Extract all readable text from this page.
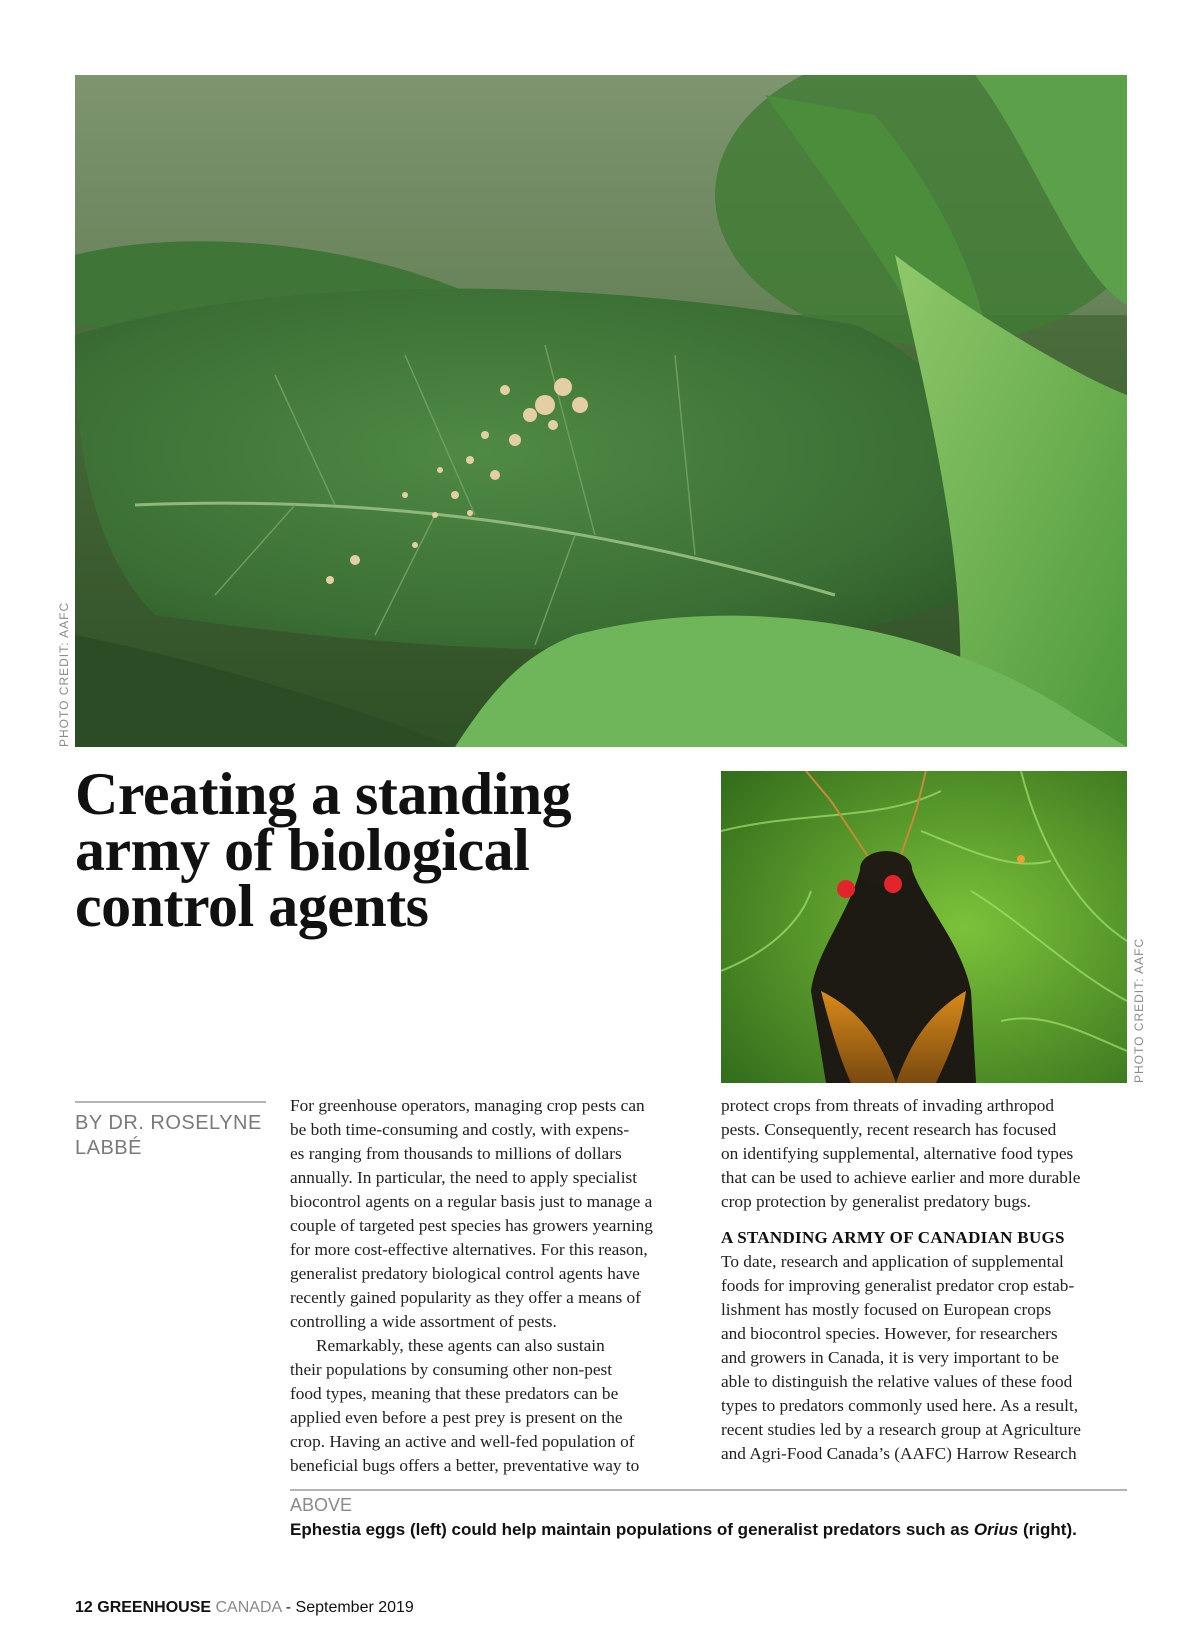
PHOTO CREDIT: AAFC
Creating a standing
army of biological
control agents
PHOTO CREDIT: AAFC
BY DR. ROSELYNE
LABBÉ

For greenhouse operators, managing crop pests can
be both time-consuming and costly, with expens-
es ranging from thousands to millions of dollars
annually. In particular, the need to apply specialist
biocontrol agents on a regular basis just to manage a
couple of targeted pest species has growers yearning
for more cost-effective alternatives. For this reason,
generalist predatory biological control agents have
recently gained popularity as they offer a means of
controlling a wide assortment of pests.

Remarkably, these agents can also sustain
their populations by consuming other non-pest
food types, meaning that these predators can be
applied even before a pest prey is present on the
crop. Having an active and well-fed population of
beneficial bugs offers a better, preventative way to

protect crops from threats of invading arthropod
pests. Consequently, recent research has focused
on identifying supplemental, alternative food types
that can be used to achieve earlier and more durable
crop protection by generalist predatory bugs.

A STANDING ARMY OF CANADIAN BUGS

To date, research and application of supplemental
foods for improving generalist predator crop estab-
lishment has mostly focused on European crops
and biocontrol species. However, for researchers
and growers in Canada, it is very important to be
able to distinguish the relative values of these food
types to predators commonly used here. As a result,
recent studies led by a research group at Agriculture
and Agri-Food Canada’s (AAFC) Harrow Research

ABOVE
Ephestia eggs (left) could help maintain populations of generalist predators such as Orius (right).
12 GREENHOUSE CANADA - September 2019
